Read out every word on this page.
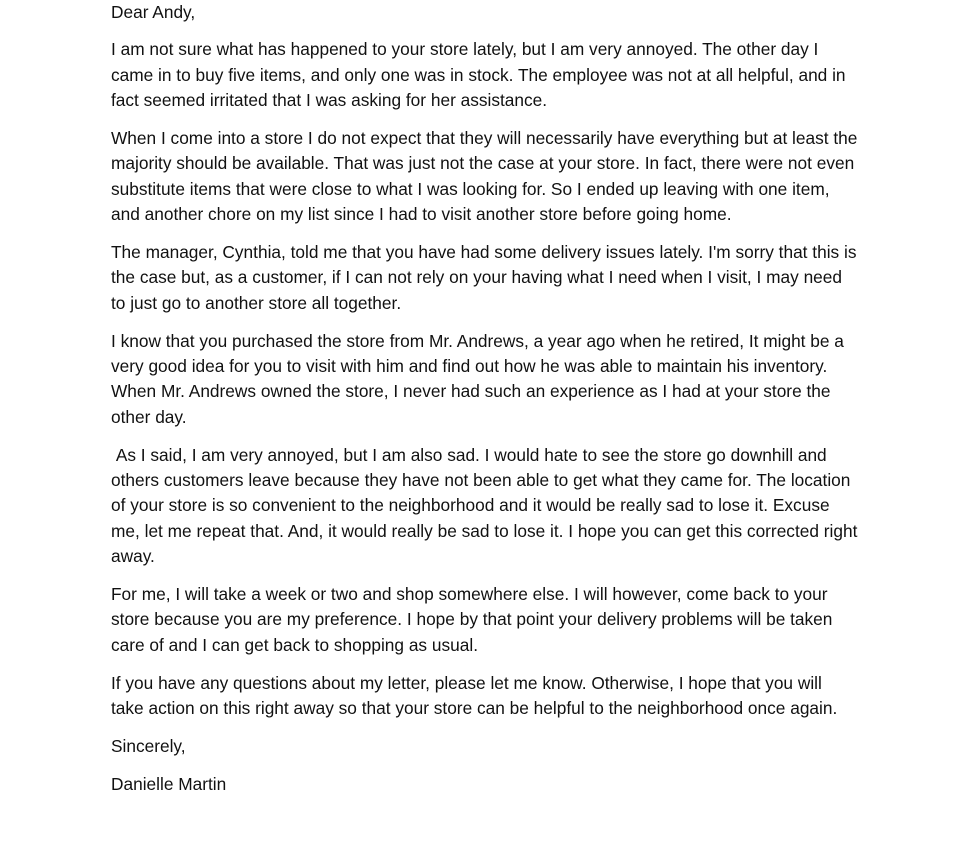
Dear Andy,

I am not sure what has happened to your store lately, but I am very annoyed. The other day I came in to buy five items, and only one was in stock. The employee was not at all helpful, and in fact seemed irritated that I was asking for her assistance.

When I come into a store I do not expect that they will necessarily have everything but at least the majority should be available. That was just not the case at your store. In fact, there were not even substitute items that were close to what I was looking for. So I ended up leaving with one item, and another chore on my list since I had to visit another store before going home.

The manager, Cynthia, told me that you have had some delivery issues lately. I'm sorry that this is the case but, as a customer, if I can not rely on your having what I need when I visit, I may need to just go to another store all together.

I know that you purchased the store from Mr. Andrews, a year ago when he retired, It might be a very good idea for you to visit with him and find out how he was able to maintain his inventory. When Mr. Andrews owned the store, I never had such an experience as I had at your store the other day.

As I said, I am very annoyed, but I am also sad. I would hate to see the store go downhill and others customers leave because they have not been able to get what they came for. The location of your store is so convenient to the neighborhood and it would be really sad to lose it. Excuse me, let me repeat that. And, it would really be sad to lose it. I hope you can get this corrected right away.

For me, I will take a week or two and shop somewhere else. I will however, come back to your store because you are my preference. I hope by that point your delivery problems will be taken care of and I can get back to shopping as usual.

If you have any questions about my letter, please let me know. Otherwise, I hope that you will take action on this right away so that your store can be helpful to the neighborhood once again.

Sincerely,

Danielle Martin
